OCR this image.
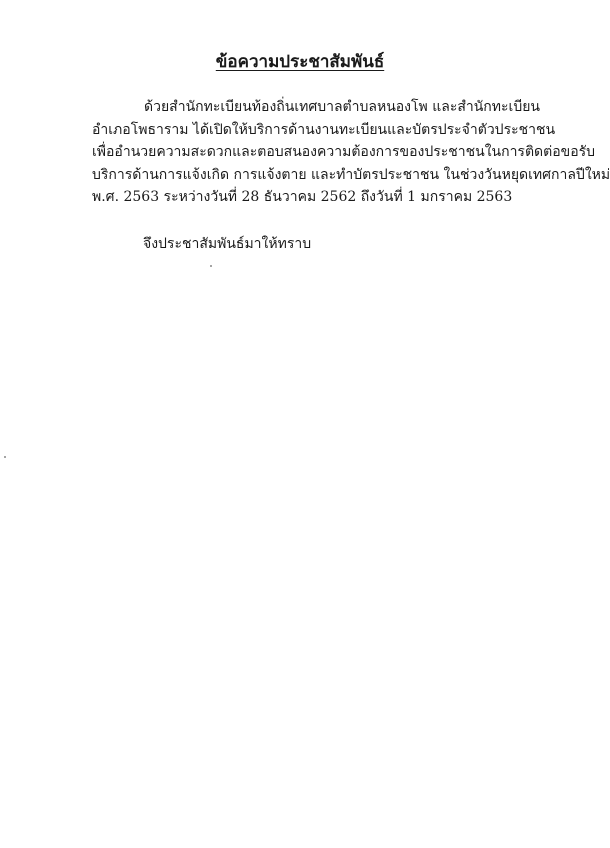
ข้อความประชาสัมพันธ์
ด้วยสำนักทะเบียนท้องถิ่นเทศบาลตำบลหนองโพ และสำนักทะเบียน
อำเภอโพธาราม ได้เปิดให้บริการด้านงานทะเบียนและบัตรประจำตัวประชาชน
เพื่ออำนวยความสะดวกและตอบสนองความต้องการของประชาชนในการติดต่อขอรับ
บริการด้านการแจ้งเกิด การแจ้งตาย และทำบัตรประชาชน ในช่วงวันหยุดเทศกาลปีใหม่
พ.ศ. 2563 ระหว่างวันที่ 28 ธันวาคม 2562 ถึงวันที่ 1 มกราคม 2563
จึงประชาสัมพันธ์มาให้ทราบ
